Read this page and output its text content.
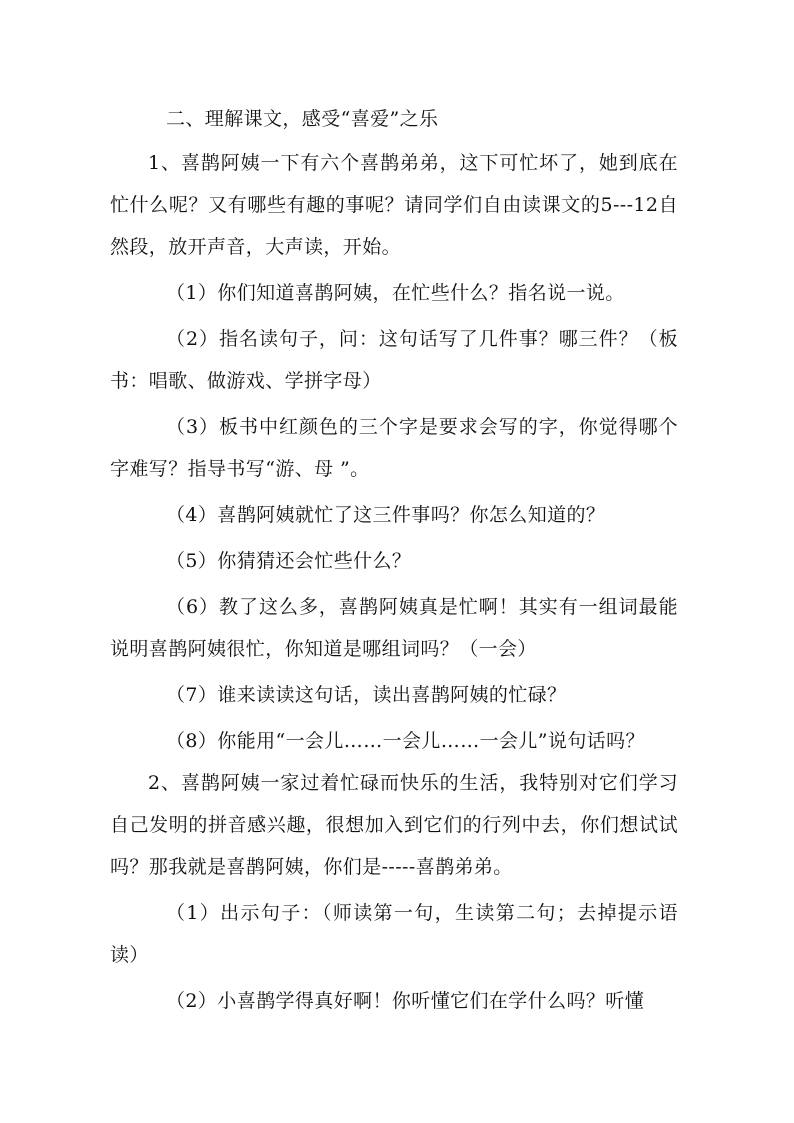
二、理解课文，感受“喜爱”之乐

1、喜鹊阿姨一下有六个喜鹊弟弟，这下可忙坏了，她到底在忙什么呢？又有哪些有趣的事呢？请同学们自由读课文的5---12自然段，放开声音，大声读，开始。

（1）你们知道喜鹊阿姨，在忙些什么？指名说一说。

（2）指名读句子，问：这句话写了几件事？哪三件？（板书：唱歌、做游戏、学拼字母）

（3）板书中红颜色的三个字是要求会写的字，你觉得哪个字难写？指导书写“游、母 ”。

（4）喜鹊阿姨就忙了这三件事吗？你怎么知道的？

（5）你猜猜还会忙些什么？

（6）教了这么多，喜鹊阿姨真是忙啊！其实有一组词最能说明喜鹊阿姨很忙，你知道是哪组词吗？（一会）

（7）谁来读读这句话，读出喜鹊阿姨的忙碌？

（8）你能用“一会儿……一会儿……一会儿”说句话吗？

2、喜鹊阿姨一家过着忙碌而快乐的生活，我特别对它们学习自己发明的拼音感兴趣，很想加入到它们的行列中去，你们想试试吗？那我就是喜鹊阿姨，你们是-----喜鹊弟弟。

（1）出示句子：（师读第一句，生读第二句；去掉提示语读）

（2）小喜鹊学得真好啊！你听懂它们在学什么吗？听懂
